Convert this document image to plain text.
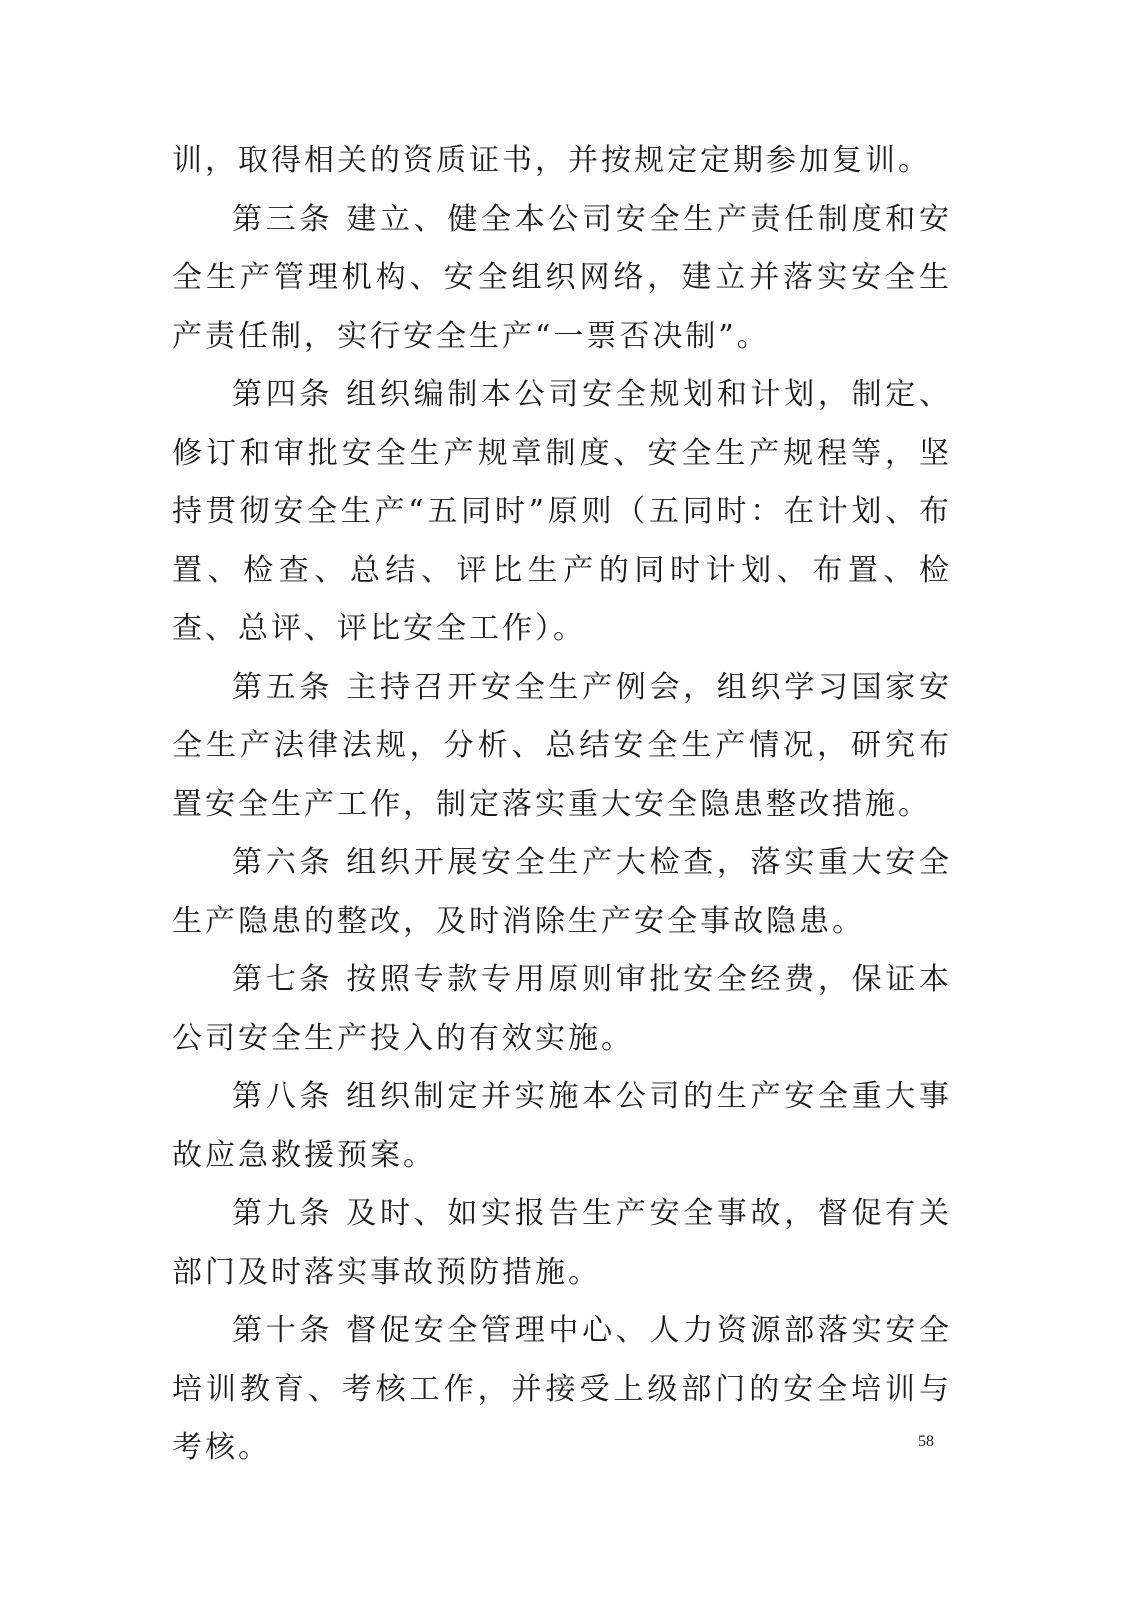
训，取得相关的资质证书，并按规定定期参加复训。

第三条 建立、健全本公司安全生产责任制度和安全生产管理机构、安全组织网络，建立并落实安全生产责任制，实行安全生产“一票否决制”。

第四条 组织编制本公司安全规划和计划，制定、修订和审批安全生产规章制度、安全生产规程等，坚持贯彻安全生产“五同时”原则（五同时：在计划、布置、检查、总结、评比生产的同时计划、布置、检查、总评、评比安全工作）。

第五条 主持召开安全生产例会，组织学习国家安全生产法律法规，分析、总结安全生产情况，研究布置安全生产工作，制定落实重大安全隐患整改措施。

第六条 组织开展安全生产大检查，落实重大安全生产隐患的整改，及时消除生产安全事故隐患。

第七条 按照专款专用原则审批安全经费，保证本公司安全生产投入的有效实施。

第八条 组织制定并实施本公司的生产安全重大事故应急救援预案。

第九条 及时、如实报告生产安全事故，督促有关部门及时落实事故预防措施。

第十条 督促安全管理中心、人力资源部落实安全培训教育、考核工作，并接受上级部门的安全培训与考核。	58
